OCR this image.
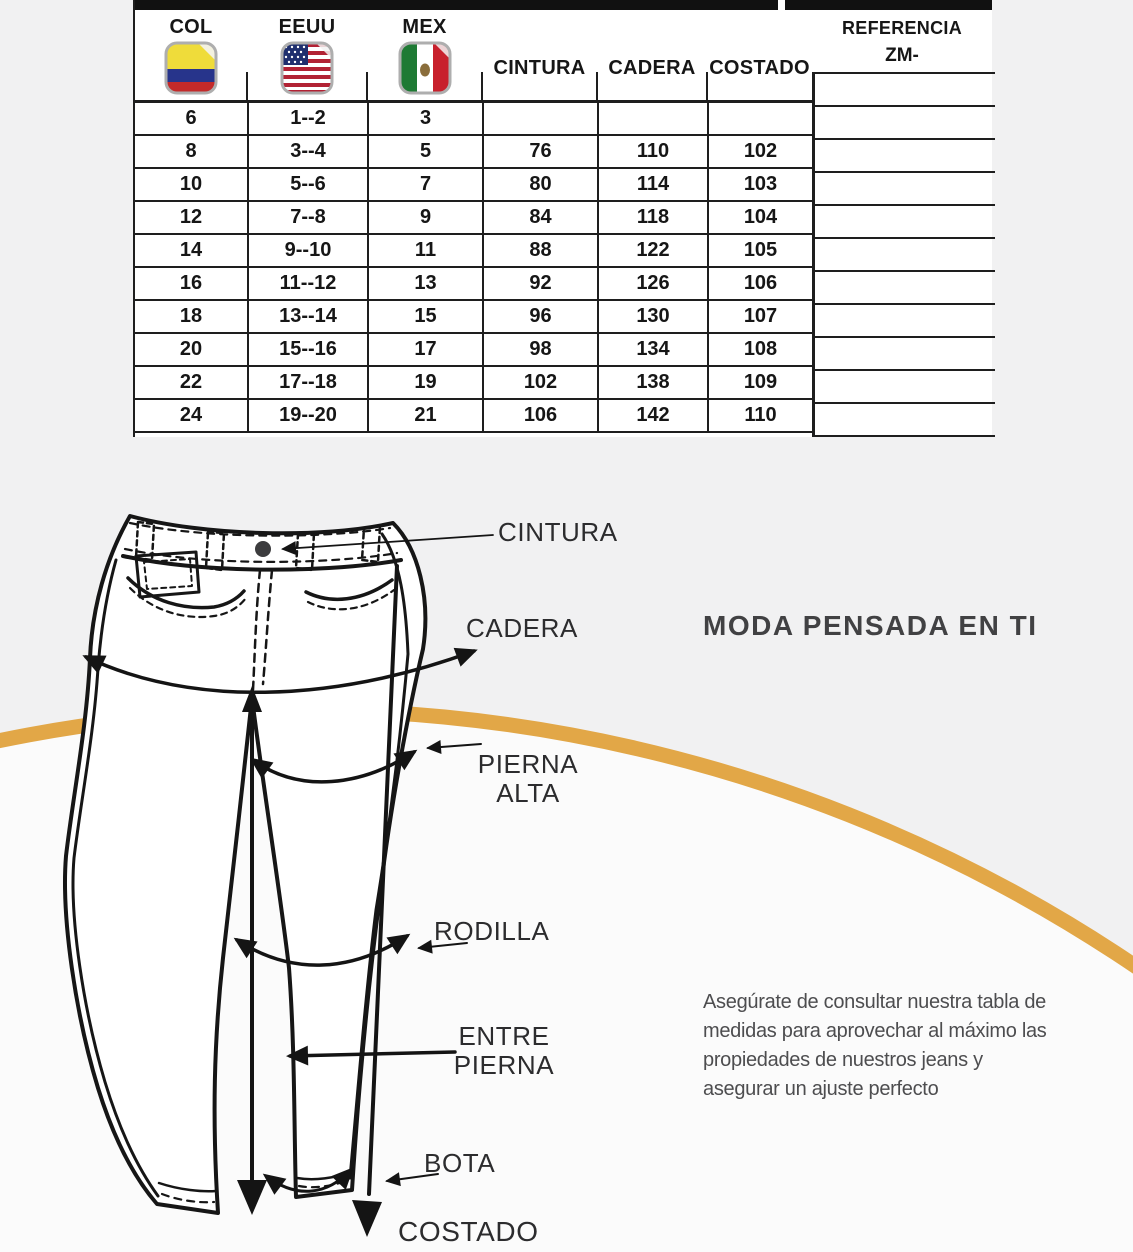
COL	EEUU	MEX
CINTURA CADERA COSTADO
REFERENCIA
ZM-
6	1--2	3
8	3--4	5	76	110	102
10	5--6	7	80	114	103
12	7--8	9	84	118	104
14	9--10	11	88	122	105
16	11--12	13	92	126	106
18	13--14	15	96	130	107
20	15--16	17	98	134	108
22	17--18	19	102	138	109
24	19--20	21	106	142	110
CINTURA
CADERA
PIERNA ALTA
RODILLA
ENTRE PIERNA
BOTA
COSTADO
MODA PENSADA EN TI
Asegúrate de consultar nuestra tabla de medidas para aprovechar al máximo las propiedades de nuestros jeans y asegurar un ajuste perfecto
